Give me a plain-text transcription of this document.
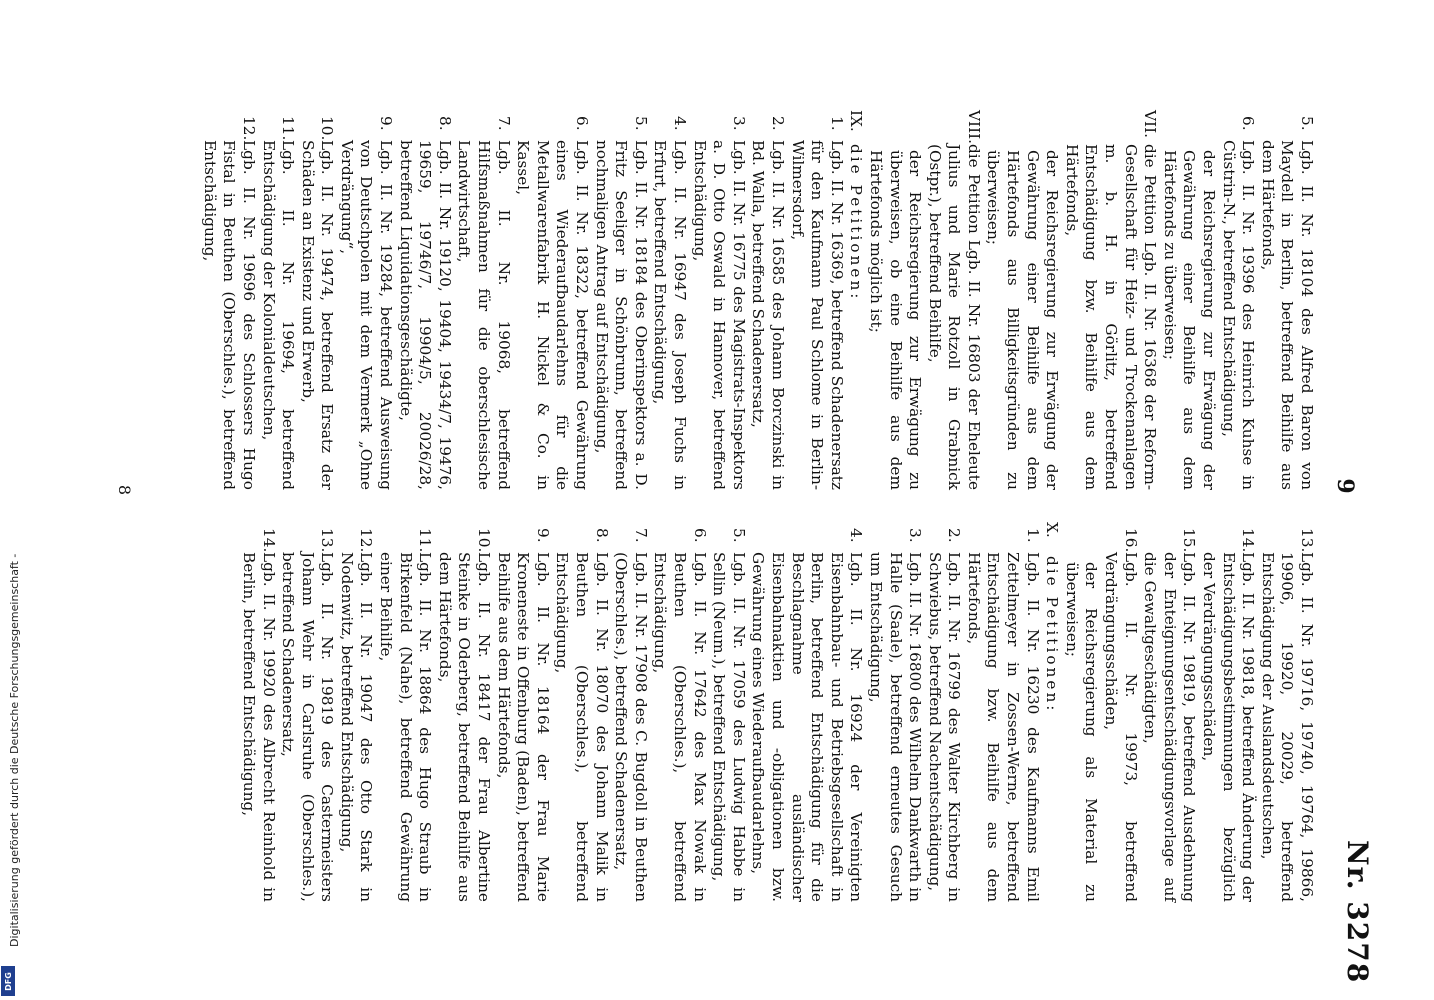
9
Nr. 3278

5.
Lgb. II. Nr. 18104 des Alfred Baron von Maydell in Berlin, betreffend Beihilfe aus dem Härtefonds,

6.
Lgb. II. Nr. 19396 des Heinrich Kuhse in Cüstrin-N., betreffend Entschädigung,

der Reichsregierung zur Erwägung der Gewährung einer Beihilfe aus dem Härtefonds zu überweisen;

VII.
die Petition Lgb. II. Nr. 16368 der Reform-Gesellschaft für Heiz- und Trockenanlagen m. b. H. in Görlitz, betreffend Entschädigung bzw. Beihilfe aus dem Härtefonds,

der Reichsregierung zur Erwägung der Gewährung einer Beihilfe aus dem Härtefonds aus Billigkeitsgründen zu überweisen;

VIII.
die Petition Lgb. II. Nr. 16803 der Eheleute Julius und Marie Rotzoll in Grabnick (Ostpr.), betreffend Beihilfe,

der Reichsregierung zur Erwägung zu überweisen, ob eine Beihilfe aus dem Härtefonds möglich ist;

IX.
die Petitionen:

1.
Lgb. II. Nr. 16369, betreffend Schadenersatz für den Kaufmann Paul Schlome in Berlin-Wilmersdorf,

2.
Lgb. II. Nr. 16585 des Johann Borczinski in Bd. Walla, betreffend Schadenersatz,

3.
Lgb. II. Nr. 16775 des Magistrats-Inspektors a. D. Otto Oswald in Hannover, betreffend Entschädigung,

4.
Lgb. II. Nr. 16947 des Joseph Fuchs in Erfurt, betreffend Entschädigung,

5.
Lgb. II. Nr. 18184 des Oberinspektors a. D. Fritz Seeliger in Schönbrunn, betreffend nochmaligen Antrag auf Entschädigung,

6.
Lgb. II. Nr. 18322, betreffend Gewährung eines Wiederaufbaudarlehns für die Metallwarenfabrik H. Nickel & Co. in Kassel,

7.
Lgb. II. Nr. 19068, betreffend Hilfsmaßnahmen für die oberschlesische Landwirtschaft,

8.
Lgb. II. Nr. 19120, 19404, 19434/7, 19476, 19659, 19746/7, 19904/5, 20026/28, betreffend Liquidationsgeschädigte,

9.
Lgb. II. Nr. 19284, betreffend Ausweisung von Deutschpolen mit dem Vermerk „Ohne Verdrängung“,

10.
Lgb. II. Nr. 19474, betreffend Ersatz der Schäden an Existenz und Erwerb,

11.
Lgb. II. Nr. 19694, betreffend Entschädigung der Kolonialdeutschen,

12.
Lgb. II. Nr. 19696 des Schlossers Hugo Fistal in Beuthen (Oberschles.), betreffend Entschädigung,

13.
Lgb. II. Nr. 19716, 19740, 19764, 19866, 19906, 19920, 20029, betreffend Entschädigung der Auslandsdeutschen,

14.
Lgb. II. Nr. 19818, betreffend Änderung der Entschädigungsbestimmungen bezüglich der Verdrängungsschäden,

15.
Lgb. II. Nr. 19819, betreffend Ausdehnung der Enteignungsentschädigungsvorlage auf die Gewaltgeschädigten,

16.
Lgb. II. Nr. 19973, betreffend Verdrängungsschäden,

der Reichsregierung als Material zu überweisen;

X.
die Petitionen:

1.
Lgb. II. Nr. 16230 des Kaufmanns Emil Zettelmeyer in Zossen-Werne, betreffend Entschädigung bzw. Beihilfe aus dem Härtefonds,

2.
Lgb. II. Nr. 16799 des Walter Kirchberg in Schwiebus, betreffend Nachentschädigung,

3.
Lgb. II. Nr. 16800 des Wilhelm Dankwarth in Halle (Saale), betreffend erneutes Gesuch um Entschädigung,

4.
Lgb. II. Nr. 16924 der Vereinigten Eisenbahnbau- und Betriebsgesellschaft in Berlin, betreffend Entschädigung für die Beschlagnahme ausländischer Eisenbahnaktien und -obligationen bzw. Gewährung eines Wiederaufbaudarlehns,

5.
Lgb. II. Nr. 17059 des Ludwig Habbe in Sellin (Neum.), betreffend Entschädigung,

6.
Lgb. II. Nr. 17642 des Max Nowak in Beuthen (Oberschles.), betreffend Entschädigung,

7.
Lgb. II. Nr. 17908 des C. Bugdoll in Beuthen (Oberschles.), betreffend Schadenersatz,

8.
Lgb. II. Nr. 18070 des Johann Malik in Beuthen (Oberschles.), betreffend Entschädigung,

9.
Lgb. II. Nr. 18164 der Frau Marie Kroneneste in Offenburg (Baden), betreffend Beihilfe aus dem Härtefonds,

10.
Lgb. II. Nr. 18417 der Frau Albertine Steinke in Oderberg, betreffend Beihilfe aus dem Härtefonds,

11.
Lgb. II. Nr. 18864 des Hugo Straub in Birkenfeld (Nahe), betreffend Gewährung einer Beihilfe,

12.
Lgb. II. Nr. 19047 des Otto Stark in Nodenwitz, betreffend Entschädigung,

13.
Lgb. II. Nr. 19819 des Castermeisters Johann Wehr in Carlsruhe (Oberschles.), betreffend Schadenersatz,

14.
Lgb. II. Nr. 19920 des Albrecht Reinhold in Berlin, betreffend Entschädigung,

8
Digitalisierung gefördert durch die Deutsche Forschungsgemeinschaft -
DFG
